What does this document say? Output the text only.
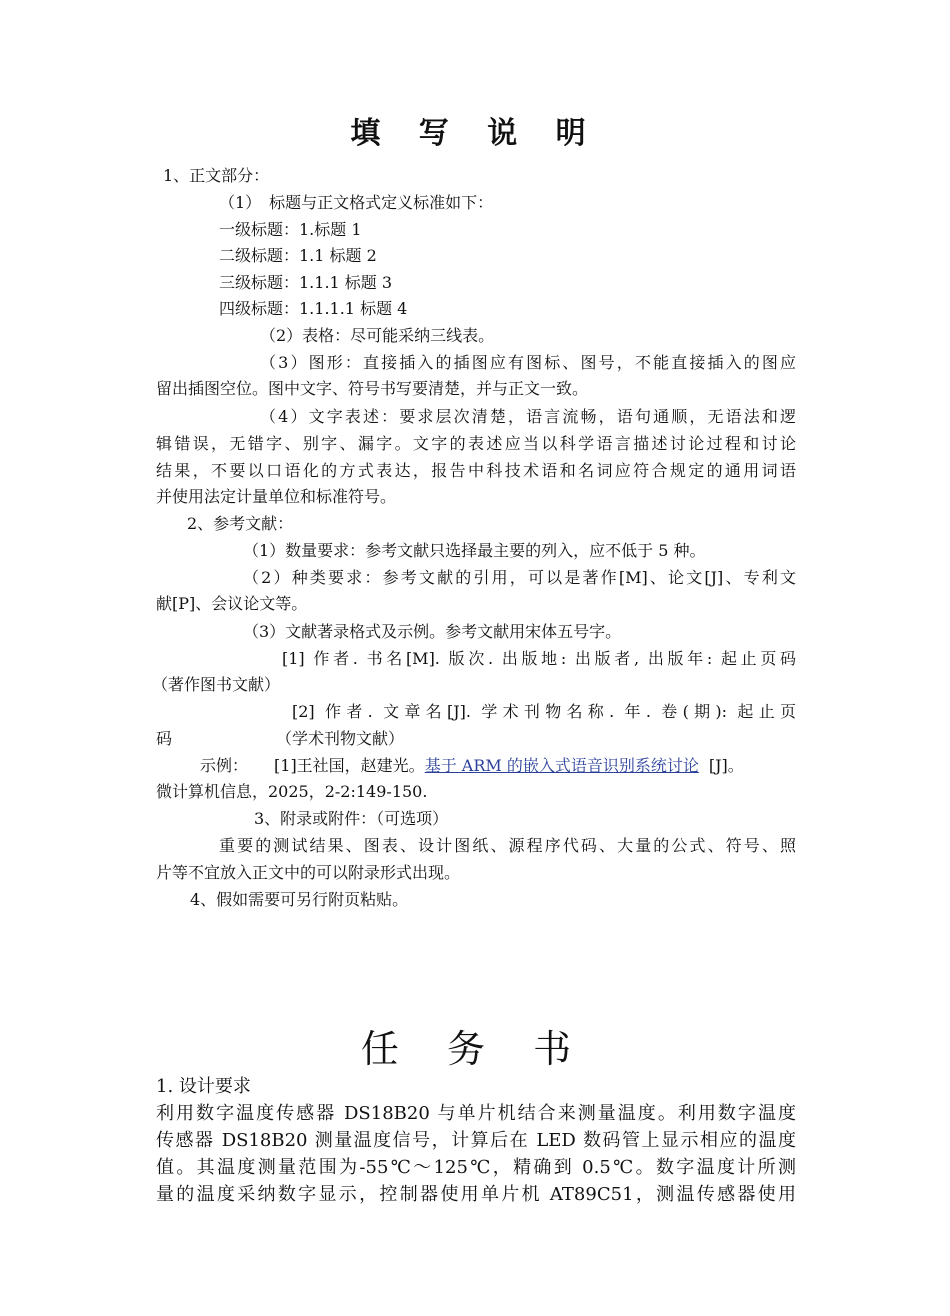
填 写 说 明
1、正文部分：
（1）　标题与正文格式定义标准如下：
一级标题：1.标题 1
二级标题：1.1 标题 2
三级标题：1.1.1 标题 3
四级标题：1.1.1.1 标题 4
（2）表格：尽可能采纳三线表。
（3）图形：直接插入的插图应有图标、图号，不能直接插入的图应
留出插图空位。图中文字、符号书写要清楚，并与正文一致。
（4）文字表述：要求层次清楚，语言流畅，语句通顺，无语法和逻
辑错误，无错字、别字、漏字。文字的表述应当以科学语言描述讨论过程和讨论
结果，不要以口语化的方式表达，报告中科技术语和名词应符合规定的通用词语
并使用法定计量单位和标准符号。
2、参考文献：
（1）数量要求：参考文献只选择最主要的列入，应不低于 5 种。
（2）种类要求：参考文献的引用，可以是著作[M]、论文[J]、专利文
献[P]、会议论文等。
（3）文献著录格式及示例。参考文献用宋体五号字。
[1] 作者. 书名[M]. 版次. 出版地: 出版者, 出版年: 起止页码
（著作图书文献）
[2] 作者. 文章名[J]. 学术刊物名称. 年. 卷(期): 起止页
码	（学术刊物文献）
示例： [1]王社国，赵建光。基于 ARM 的嵌入式语音识别系统讨论 [J]。
微计算机信息，2025，2-2:149-150.
3、附录或附件：（可选项）
重要的测试结果、图表、设计图纸、源程序代码、大量的公式、符号、照
片等不宜放入正文中的可以附录形式出现。
4、假如需要可另行附页粘贴。
任 务 书
1. 设计要求
利用数字温度传感器 DS18B20 与单片机结合来测量温度。利用数字温度
传感器 DS18B20 测量温度信号，计算后在 LED 数码管上显示相应的温度
值。其温度测量范围为-55℃～125℃，精确到 0.5℃。数字温度计所测
量的温度采纳数字显示，控制器使用单片机 AT89C51，测温传感器使用
